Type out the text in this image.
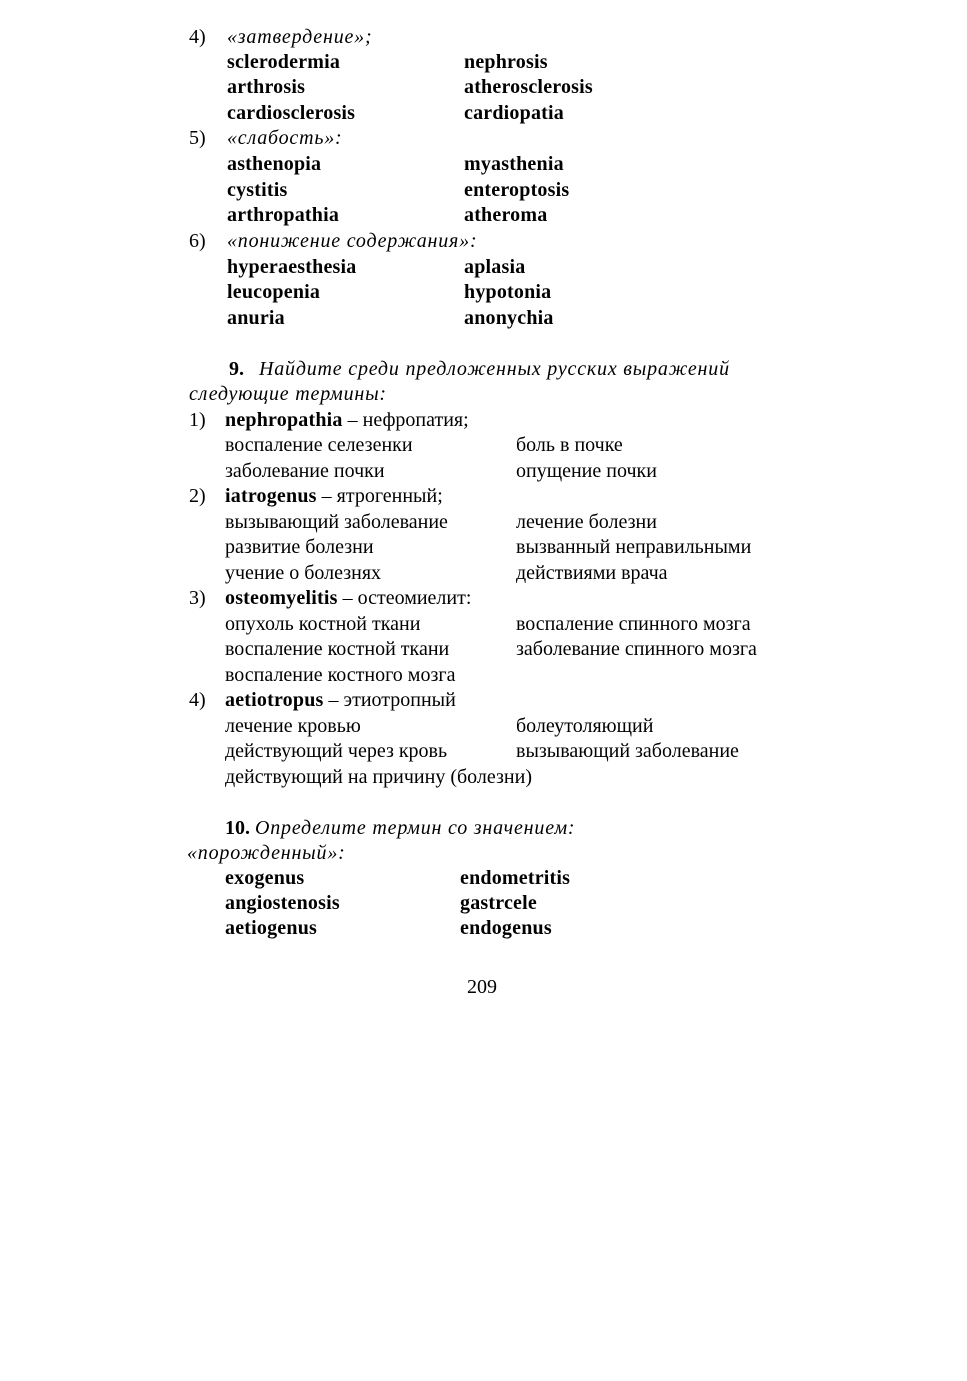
4) «затвердение»;
sclerodermia	nephrosis
arthrosis	atherosclerosis
cardiosclerosis	cardiopatia
5) «слабость»:
asthenopia	myasthenia
cystitis	enteroptosis
arthropathia	atheroma
6) «понижение содержания»:
hyperaesthesia	aplasia
leucopenia	hypotonia
anuria	anonychia
9. Найдите среди предложенных русских выражений
следующие термины:
1) nephropathia – нефропатия;
воспаление селезенки	боль в почке
заболевание почки	опущение почки
2) iatrogenus – ятрогенный;
вызывающий заболевание	лечение болезни
развитие болезни	вызванный неправильными
учение о болезнях	действиями врача
3) osteomyelitis – остеомиелит:
опухоль костной ткани	воспаление спинного мозга
воспаление костной ткани	заболевание спинного мозга
воспаление костного мозга
4) aetiotropus – этиотропный
лечение кровью	болеутоляющий
действующий через кровь	вызывающий заболевание
действующий на причину (болезни)
10. Определите термин со значением:
«порожденный»:
exogenus	endometritis
angiostenosis	gastrcele
aetiogenus	endogenus
209
